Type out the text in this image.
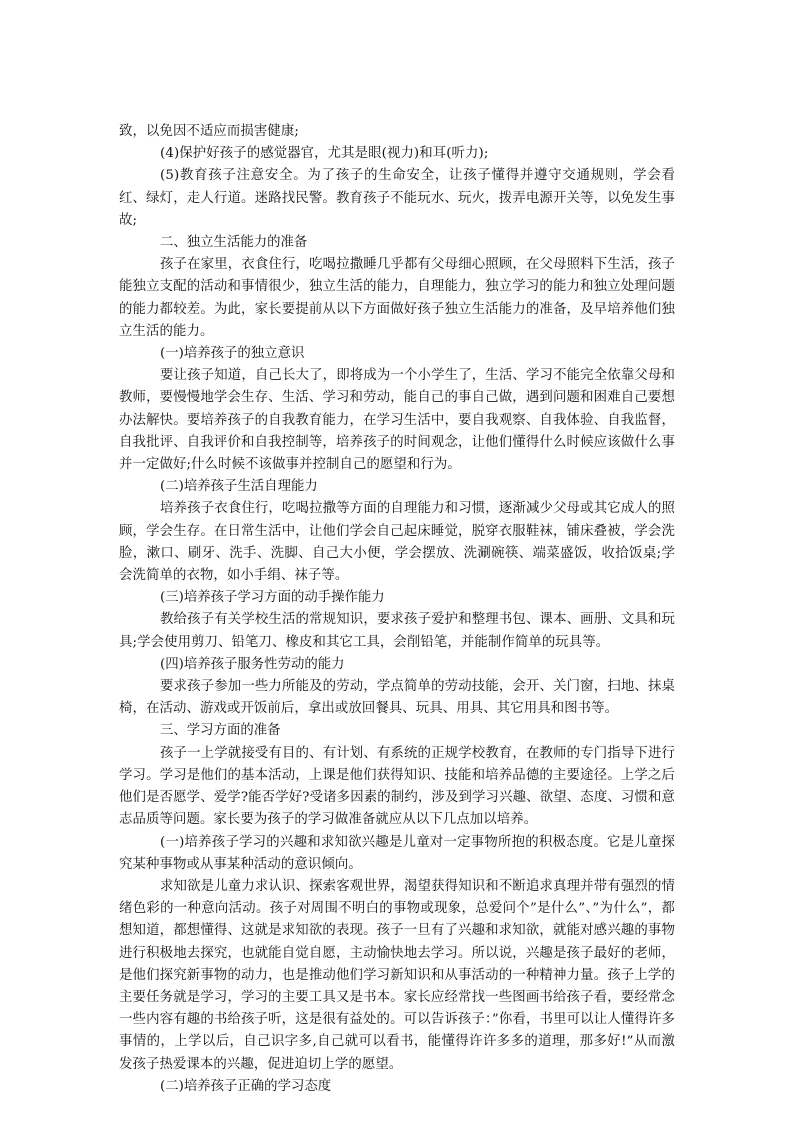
致，以免因不适应而损害健康;

(4)保护好孩子的感觉器官，尤其是眼(视力)和耳(听力);

(5)教育孩子注意安全。为了孩子的生命安全，让孩子懂得并遵守交通规则，学会看红、绿灯，走人行道。迷路找民警。教育孩子不能玩水、玩火，拨弄电源开关等，以免发生事故;

二、独立生活能力的准备

孩子在家里，衣食住行，吃喝拉撒睡几乎都有父母细心照顾，在父母照料下生活，孩子能独立支配的活动和事情很少，独立生活的能力，自理能力，独立学习的能力和独立处理问题的能力都较差。为此，家长要提前从以下方面做好孩子独立生活能力的准备，及早培养他们独立生活的能力。

(一)培养孩子的独立意识

要让孩子知道，自己长大了，即将成为一个小学生了，生活、学习不能完全依靠父母和教师，要慢慢地学会生存、生活、学习和劳动，能自己的事自己做，遇到问题和困难自己要想办法解快。要培养孩子的自我教育能力，在学习生活中，要自我观察、自我体验、自我监督，自我批评、自我评价和自我控制等，培养孩子的时间观念，让他们懂得什么时候应该做什么事并一定做好;什么时候不该做事并控制自己的愿望和行为。

(二)培养孩子生活自理能力

培养孩子衣食住行，吃喝拉撒等方面的自理能力和习惯，逐渐减少父母或其它成人的照顾，学会生存。在日常生活中，让他们学会自己起床睡觉，脱穿衣服鞋袜，铺床叠被，学会洗脸，漱口、刷牙、洗手、洗脚、自己大小便，学会摆放、洗涮碗筷、端菜盛饭，收拾饭桌;学会洗简单的衣物，如小手绢、袜子等。

(三)培养孩子学习方面的动手操作能力

教给孩子有关学校生活的常规知识，要求孩子爱护和整理书包、课本、画册、文具和玩具;学会使用剪刀、铅笔刀、橡皮和其它工具，会削铅笔，并能制作简单的玩具等。

(四)培养孩子服务性劳动的能力

要求孩子参加一些力所能及的劳动，学点简单的劳动技能，会开、关门窗，扫地、抹桌椅，在活动、游戏或开饭前后，拿出或放回餐具、玩具、用具、其它用具和图书等。

三、学习方面的准备

孩子一上学就接受有目的、有计划、有系统的正规学校教育，在教师的专门指导下进行学习。学习是他们的基本活动，上课是他们获得知识、技能和培养品德的主要途径。上学之后他们是否愿学、爱学?能否学好?受诸多因素的制约，涉及到学习兴趣、欲望、态度、习惯和意志品质等问题。家长要为孩子的学习做准备就应从以下几点加以培养。

(一)培养孩子学习的兴趣和求知欲兴趣是儿童对一定事物所抱的积极态度。它是儿童探究某种事物或从事某种活动的意识倾向。

求知欲是儿童力求认识、探索客观世界，渴望获得知识和不断追求真理并带有强烈的情绪色彩的一种意向活动。孩子对周围不明白的事物或现象，总爱问个”是什么”、”为什么”，都想知道，都想懂得、这就是求知欲的表现。孩子一旦有了兴趣和求知欲，就能对感兴趣的事物进行积极地去探究，也就能自觉自愿，主动愉快地去学习。所以说，兴趣是孩子最好的老师，是他们探究新事物的动力，也是推动他们学习新知识和从事活动的一种精神力量。孩子上学的主要任务就是学习，学习的主要工具又是书本。家长应经常找一些图画书给孩子看，要经常念一些内容有趣的书给孩子听，这是很有益处的。可以告诉孩子：”你看，书里可以让人懂得许多事情的，上学以后，自己识字多,自己就可以看书，能懂得许许多多的道理，那多好!”从而激发孩子热爱课本的兴趣，促进迫切上学的愿望。

(二)培养孩子正确的学习态度
